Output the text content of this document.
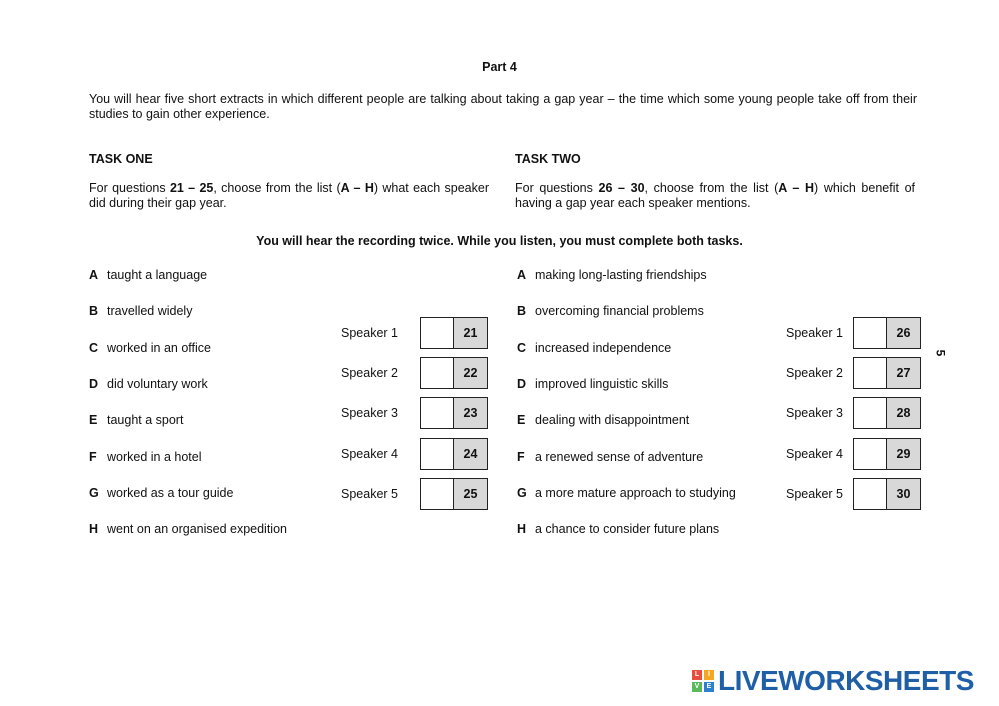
Part 4
You will hear five short extracts in which different people are talking about taking a gap year – the time which some young people take off from their studies to gain other experience.
TASK ONE
For questions 21 – 25, choose from the list (A – H) what each speaker did during their gap year.
TASK TWO
For questions 26 – 30, choose from the list (A – H) which benefit of having a gap year each speaker mentions.
You will hear the recording twice. While you listen, you must complete both tasks.
A taught a language
B travelled widely
C worked in an office
D did voluntary work
E taught a sport
F worked in a hotel
G worked as a tour guide
H went on an organised expedition
Speaker 1	21
Speaker 2	22
Speaker 3	23
Speaker 4	24
Speaker 5	25
A making long-lasting friendships
B overcoming financial problems
C increased independence
D improved linguistic skills
E dealing with disappointment
F a renewed sense of adventure
G a more mature approach to studying
H a chance to consider future plans
Speaker 1	26
Speaker 2	27
Speaker 3	28
Speaker 4	29
Speaker 5	30
5
L	I
V	E LIVEWORKSHEETS
